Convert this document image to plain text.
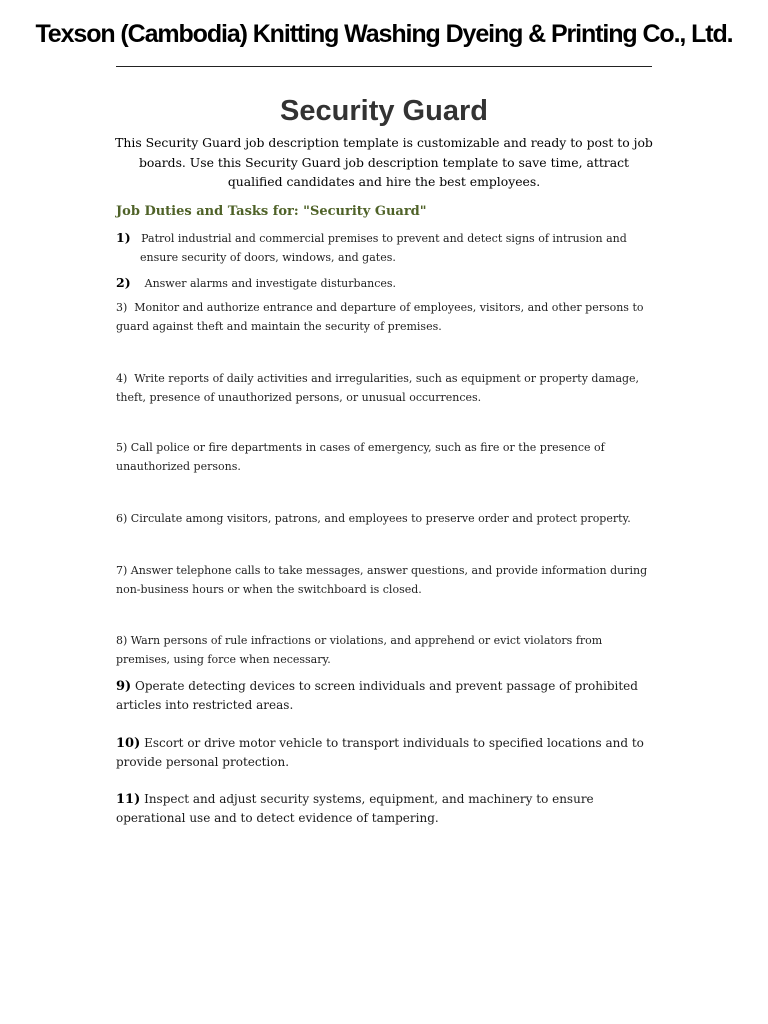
Texson (Cambodia) Knitting Washing Dyeing & Printing Co., Ltd.
Security Guard
This Security Guard job description template is customizable and ready to post to job boards. Use this Security Guard job description template to save time, attract qualified candidates and hire the best employees.
Job Duties and Tasks for: "Security Guard"
1) Patrol industrial and commercial premises to prevent and detect signs of intrusion and ensure security of doors, windows, and gates.
2) Answer alarms and investigate disturbances.
3) Monitor and authorize entrance and departure of employees, visitors, and other persons to guard against theft and maintain the security of premises.
4) Write reports of daily activities and irregularities, such as equipment or property damage, theft, presence of unauthorized persons, or unusual occurrences.
5) Call police or fire departments in cases of emergency, such as fire or the presence of unauthorized persons.
6) Circulate among visitors, patrons, and employees to preserve order and protect property.
7) Answer telephone calls to take messages, answer questions, and provide information during non-business hours or when the switchboard is closed.
8) Warn persons of rule infractions or violations, and apprehend or evict violators from premises, using force when necessary.
9) Operate detecting devices to screen individuals and prevent passage of prohibited articles into restricted areas.
10) Escort or drive motor vehicle to transport individuals to specified locations and to provide personal protection.
11) Inspect and adjust security systems, equipment, and machinery to ensure operational use and to detect evidence of tampering.
